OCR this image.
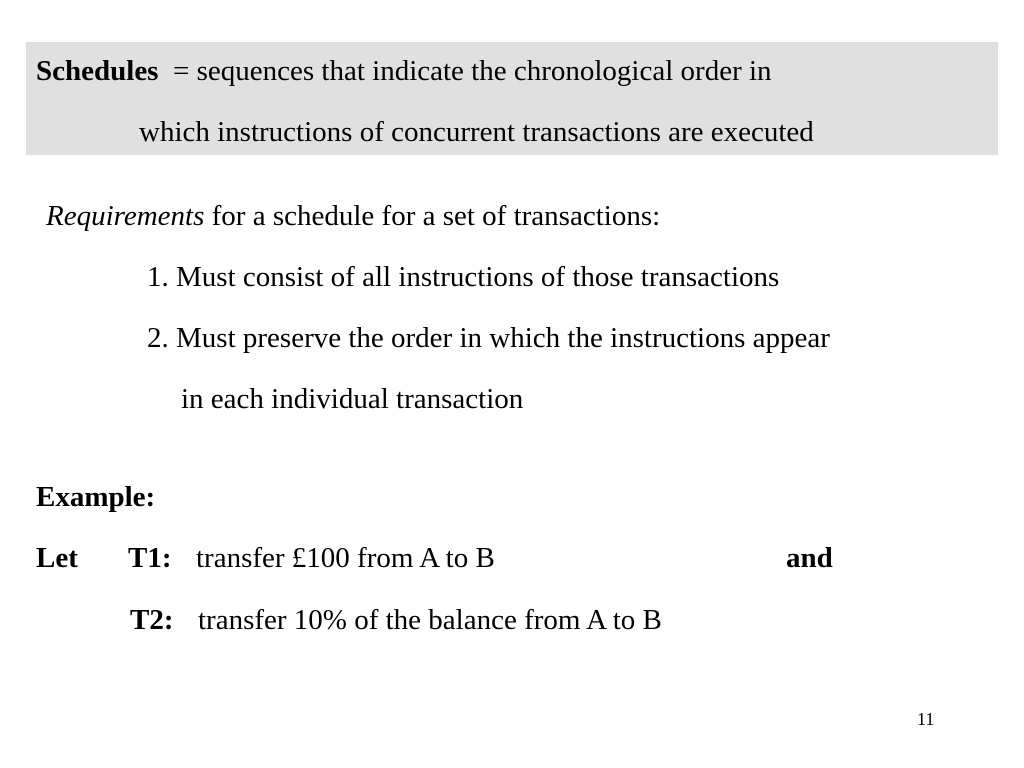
Schedules = sequences that indicate the chronological order in
which instructions of concurrent transactions are executed
Requirements for a schedule for a set of transactions:
1. Must consist of all instructions of those transactions
2. Must preserve the order in which the instructions appear
in each individual transaction
Example:
Let T1: transfer £100 from A to B	and
T2: transfer 10% of the balance from A to B
11
